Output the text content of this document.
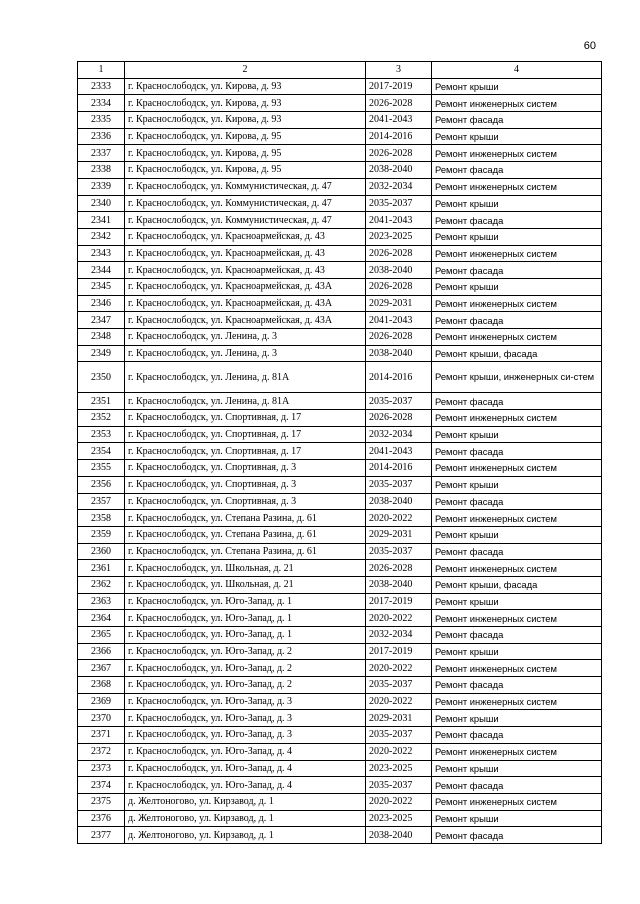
60
1	2	3	4
2333	г. Краснослободск, ул. Кирова, д. 93	2017-2019	Ремонт крыши
2334	г. Краснослободск, ул. Кирова, д. 93	2026-2028	Ремонт инженерных систем
2335	г. Краснослободск, ул. Кирова, д. 93	2041-2043	Ремонт фасада
2336	г. Краснослободск, ул. Кирова, д. 95	2014-2016	Ремонт крыши
2337	г. Краснослободск, ул. Кирова, д. 95	2026-2028	Ремонт инженерных систем
2338	г. Краснослободск, ул. Кирова, д. 95	2038-2040	Ремонт фасада
2339	г. Краснослободск, ул. Коммунистическая, д. 47	2032-2034	Ремонт инженерных систем
2340	г. Краснослободск, ул. Коммунистическая, д. 47	2035-2037	Ремонт крыши
2341	г. Краснослободск, ул. Коммунистическая, д. 47	2041-2043	Ремонт фасада
2342	г. Краснослободск, ул. Красноармейская, д. 43	2023-2025	Ремонт крыши
2343	г. Краснослободск, ул. Красноармейская, д. 43	2026-2028	Ремонт инженерных систем
2344	г. Краснослободск, ул. Красноармейская, д. 43	2038-2040	Ремонт фасада
2345	г. Краснослободск, ул. Красноармейская, д. 43А	2026-2028	Ремонт крыши
2346	г. Краснослободск, ул. Красноармейская, д. 43А	2029-2031	Ремонт инженерных систем
2347	г. Краснослободск, ул. Красноармейская, д. 43А	2041-2043	Ремонт фасада
2348	г. Краснослободск, ул. Ленина, д. 3	2026-2028	Ремонт инженерных систем
2349	г. Краснослободск, ул. Ленина, д. 3	2038-2040	Ремонт крыши, фасада
2350	г. Краснослободск, ул. Ленина, д. 81А	2014-2016	Ремонт крыши, инженерных си-стем
2351	г. Краснослободск, ул. Ленина, д. 81А	2035-2037	Ремонт фасада
2352	г. Краснослободск, ул. Спортивная, д. 17	2026-2028	Ремонт инженерных систем
2353	г. Краснослободск, ул. Спортивная, д. 17	2032-2034	Ремонт крыши
2354	г. Краснослободск, ул. Спортивная, д. 17	2041-2043	Ремонт фасада
2355	г. Краснослободск, ул. Спортивная, д. 3	2014-2016	Ремонт инженерных систем
2356	г. Краснослободск, ул. Спортивная, д. 3	2035-2037	Ремонт крыши
2357	г. Краснослободск, ул. Спортивная, д. 3	2038-2040	Ремонт фасада
2358	г. Краснослободск, ул. Степана Разина, д. 61	2020-2022	Ремонт инженерных систем
2359	г. Краснослободск, ул. Степана Разина, д. 61	2029-2031	Ремонт крыши
2360	г. Краснослободск, ул. Степана Разина, д. 61	2035-2037	Ремонт фасада
2361	г. Краснослободск, ул. Школьная, д. 21	2026-2028	Ремонт инженерных систем
2362	г. Краснослободск, ул. Школьная, д. 21	2038-2040	Ремонт крыши, фасада
2363	г. Краснослободск, ул. Юго-Запад, д. 1	2017-2019	Ремонт крыши
2364	г. Краснослободск, ул. Юго-Запад, д. 1	2020-2022	Ремонт инженерных систем
2365	г. Краснослободск, ул. Юго-Запад, д. 1	2032-2034	Ремонт фасада
2366	г. Краснослободск, ул. Юго-Запад, д. 2	2017-2019	Ремонт крыши
2367	г. Краснослободск, ул. Юго-Запад, д. 2	2020-2022	Ремонт инженерных систем
2368	г. Краснослободск, ул. Юго-Запад, д. 2	2035-2037	Ремонт фасада
2369	г. Краснослободск, ул. Юго-Запад, д. 3	2020-2022	Ремонт инженерных систем
2370	г. Краснослободск, ул. Юго-Запад, д. 3	2029-2031	Ремонт крыши
2371	г. Краснослободск, ул. Юго-Запад, д. 3	2035-2037	Ремонт фасада
2372	г. Краснослободск, ул. Юго-Запад, д. 4	2020-2022	Ремонт инженерных систем
2373	г. Краснослободск, ул. Юго-Запад, д. 4	2023-2025	Ремонт крыши
2374	г. Краснослободск, ул. Юго-Запад, д. 4	2035-2037	Ремонт фасада
2375	д. Желтоногово, ул. Кирзавод, д. 1	2020-2022	Ремонт инженерных систем
2376	д. Желтоногово, ул. Кирзавод, д. 1	2023-2025	Ремонт крыши
2377	д. Желтоногово, ул. Кирзавод, д. 1	2038-2040	Ремонт фасада
